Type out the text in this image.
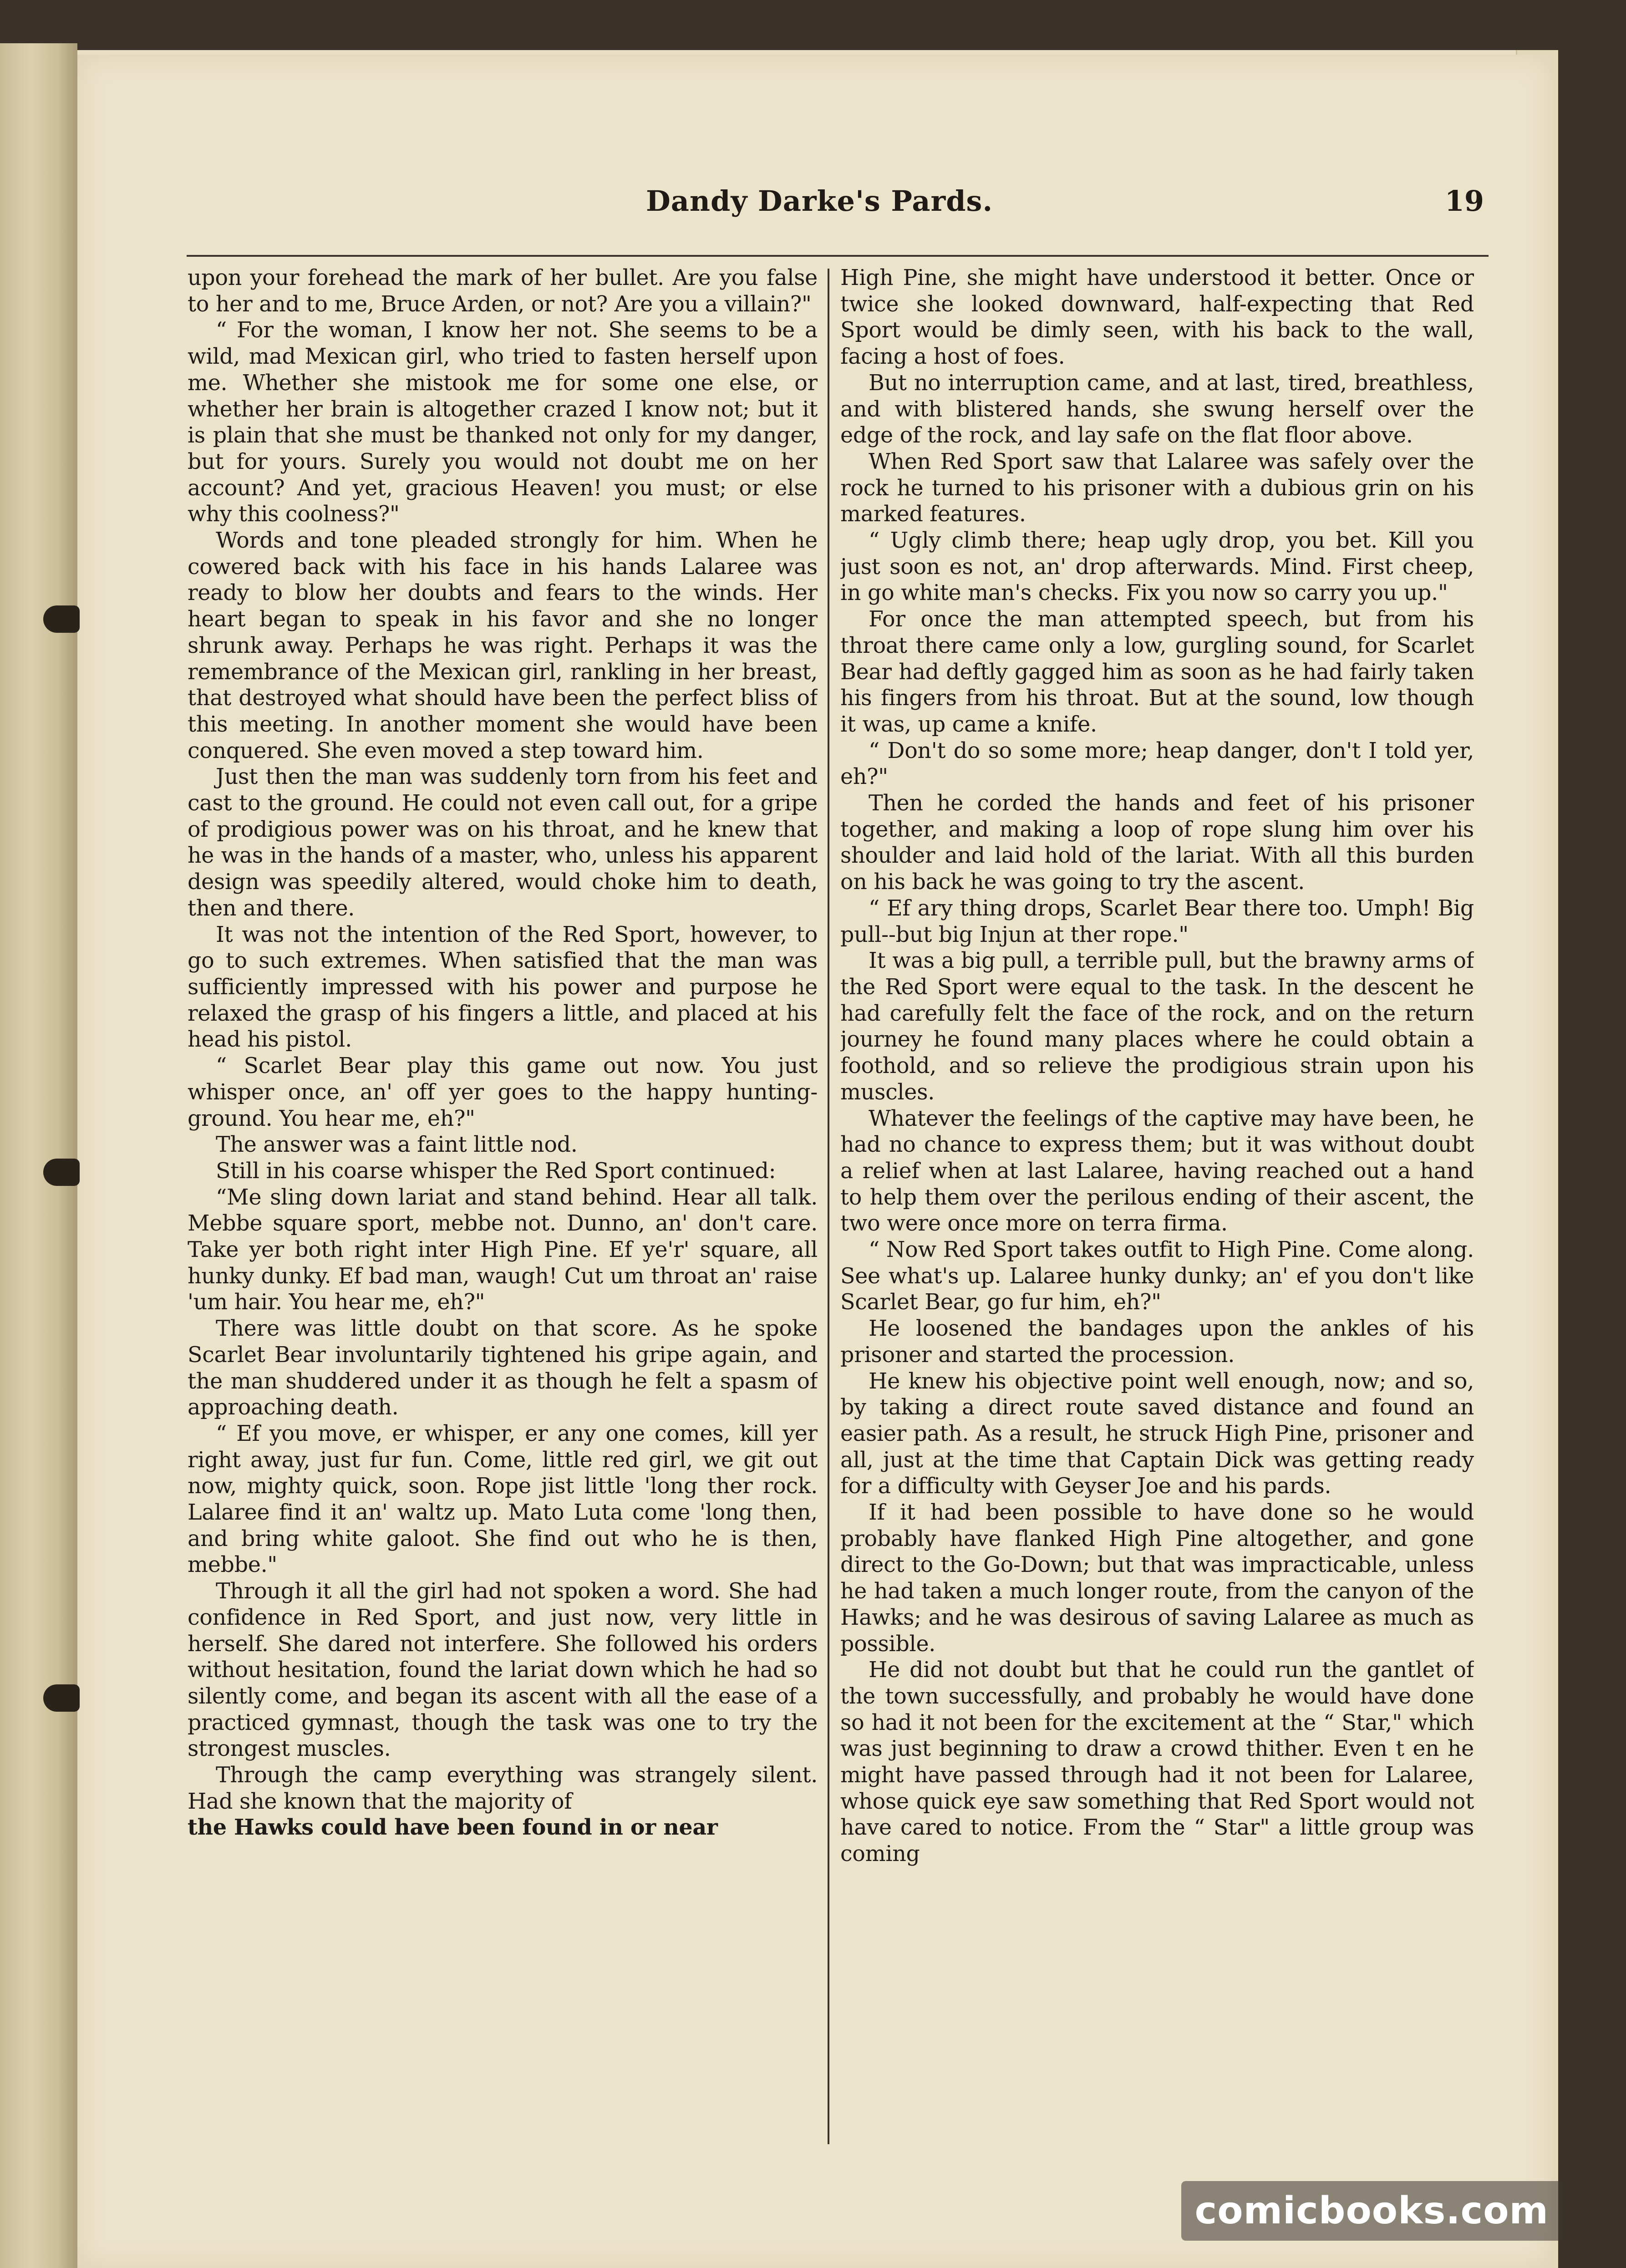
Dandy Darke's Pards.	19

upon your forehead the mark of her bullet. Are you false to her and to me, Bruce Arden, or not? Are you a villain?"

“ For the woman, I know her not. She seems to be a wild, mad Mexican girl, who tried to fasten herself upon me. Whether she mistook me for some one else, or whether her brain is altogether crazed I know not; but it is plain that she must be thanked not only for my danger, but for yours. Surely you would not doubt me on her account? And yet, gracious Heaven! you must; or else why this coolness?"

Words and tone pleaded strongly for him. When he cowered back with his face in his hands Lalaree was ready to blow her doubts and fears to the winds. Her heart began to speak in his favor and she no longer shrunk away. Perhaps he was right. Perhaps it was the remembrance of the Mexican girl, rankling in her breast, that destroyed what should have been the perfect bliss of this meeting. In another moment she would have been conquered. She even moved a step toward him.

Just then the man was suddenly torn from his feet and cast to the ground. He could not even call out, for a gripe of prodigious power was on his throat, and he knew that he was in the hands of a master, who, unless his apparent design was speedily altered, would choke him to death, then and there.

It was not the intention of the Red Sport, however, to go to such extremes. When satisfied that the man was sufficiently impressed with his power and purpose he relaxed the grasp of his fingers a little, and placed at his head his pistol.

“ Scarlet Bear play this game out now. You just whisper once, an' off yer goes to the happy hunting-ground. You hear me, eh?"

The answer was a faint little nod.

Still in his coarse whisper the Red Sport continued:

“Me sling down lariat and stand behind. Hear all talk. Mebbe square sport, mebbe not. Dunno, an' don't care. Take yer both right inter High Pine. Ef ye'r' square, all hunky dunky. Ef bad man, waugh! Cut um throat an' raise 'um hair. You hear me, eh?"

There was little doubt on that score. As he spoke Scarlet Bear involuntarily tightened his gripe again, and the man shuddered under it as though he felt a spasm of approaching death.

“ Ef you move, er whisper, er any one comes, kill yer right away, just fur fun. Come, little red girl, we git out now, mighty quick, soon. Rope jist little 'long ther rock. Lalaree find it an' waltz up. Mato Luta come 'long then, and bring white galoot. She find out who he is then, mebbe."

Through it all the girl had not spoken a word. She had confidence in Red Sport, and just now, very little in herself. She dared not interfere. She followed his orders without hesitation, found the lariat down which he had so silently come, and began its ascent with all the ease of a practiced gymnast, though the task was one to try the strongest muscles.

Through the camp everything was strangely silent. Had she known that the majority of

the Hawks could have been found in or near

High Pine, she might have understood it better. Once or twice she looked downward, half-expecting that Red Sport would be dimly seen, with his back to the wall, facing a host of foes.

But no interruption came, and at last, tired, breathless, and with blistered hands, she swung herself over the edge of the rock, and lay safe on the flat floor above.

When Red Sport saw that Lalaree was safely over the rock he turned to his prisoner with a dubious grin on his marked features.

“ Ugly climb there; heap ugly drop, you bet. Kill you just soon es not, an' drop afterwards. Mind. First cheep, in go white man's checks. Fix you now so carry you up."

For once the man attempted speech, but from his throat there came only a low, gurgling sound, for Scarlet Bear had deftly gagged him as soon as he had fairly taken his fingers from his throat. But at the sound, low though it was, up came a knife.

“ Don't do so some more; heap danger, don't I told yer, eh?"

Then he corded the hands and feet of his prisoner together, and making a loop of rope slung him over his shoulder and laid hold of the lariat. With all this burden on his back he was going to try the ascent.

“ Ef ary thing drops, Scarlet Bear there too. Umph! Big pull--but big Injun at ther rope."

It was a big pull, a terrible pull, but the brawny arms of the Red Sport were equal to the task. In the descent he had carefully felt the face of the rock, and on the return journey he found many places where he could obtain a foothold, and so relieve the prodigious strain upon his muscles.

Whatever the feelings of the captive may have been, he had no chance to express them; but it was without doubt a relief when at last Lalaree, having reached out a hand to help them over the perilous ending of their ascent, the two were once more on terra firma.

“ Now Red Sport takes outfit to High Pine. Come along. See what's up. Lalaree hunky dunky; an' ef you don't like Scarlet Bear, go fur him, eh?"

He loosened the bandages upon the ankles of his prisoner and started the procession.

He knew his objective point well enough, now; and so, by taking a direct route saved distance and found an easier path. As a result, he struck High Pine, prisoner and all, just at the time that Captain Dick was getting ready for a difficulty with Geyser Joe and his pards.

If it had been possible to have done so he would probably have flanked High Pine altogether, and gone direct to the Go-Down; but that was impracticable, unless he had taken a much longer route, from the canyon of the Hawks; and he was desirous of saving Lalaree as much as possible.

He did not doubt but that he could run the gantlet of the town successfully, and probably he would have done so had it not been for the excitement at the “ Star," which was just beginning to draw a crowd thither. Even t en he might have passed through had it not been for Lalaree, whose quick eye saw something that Red Sport would not have cared to notice. From the “ Star" a little group was coming

comicbooks.com
